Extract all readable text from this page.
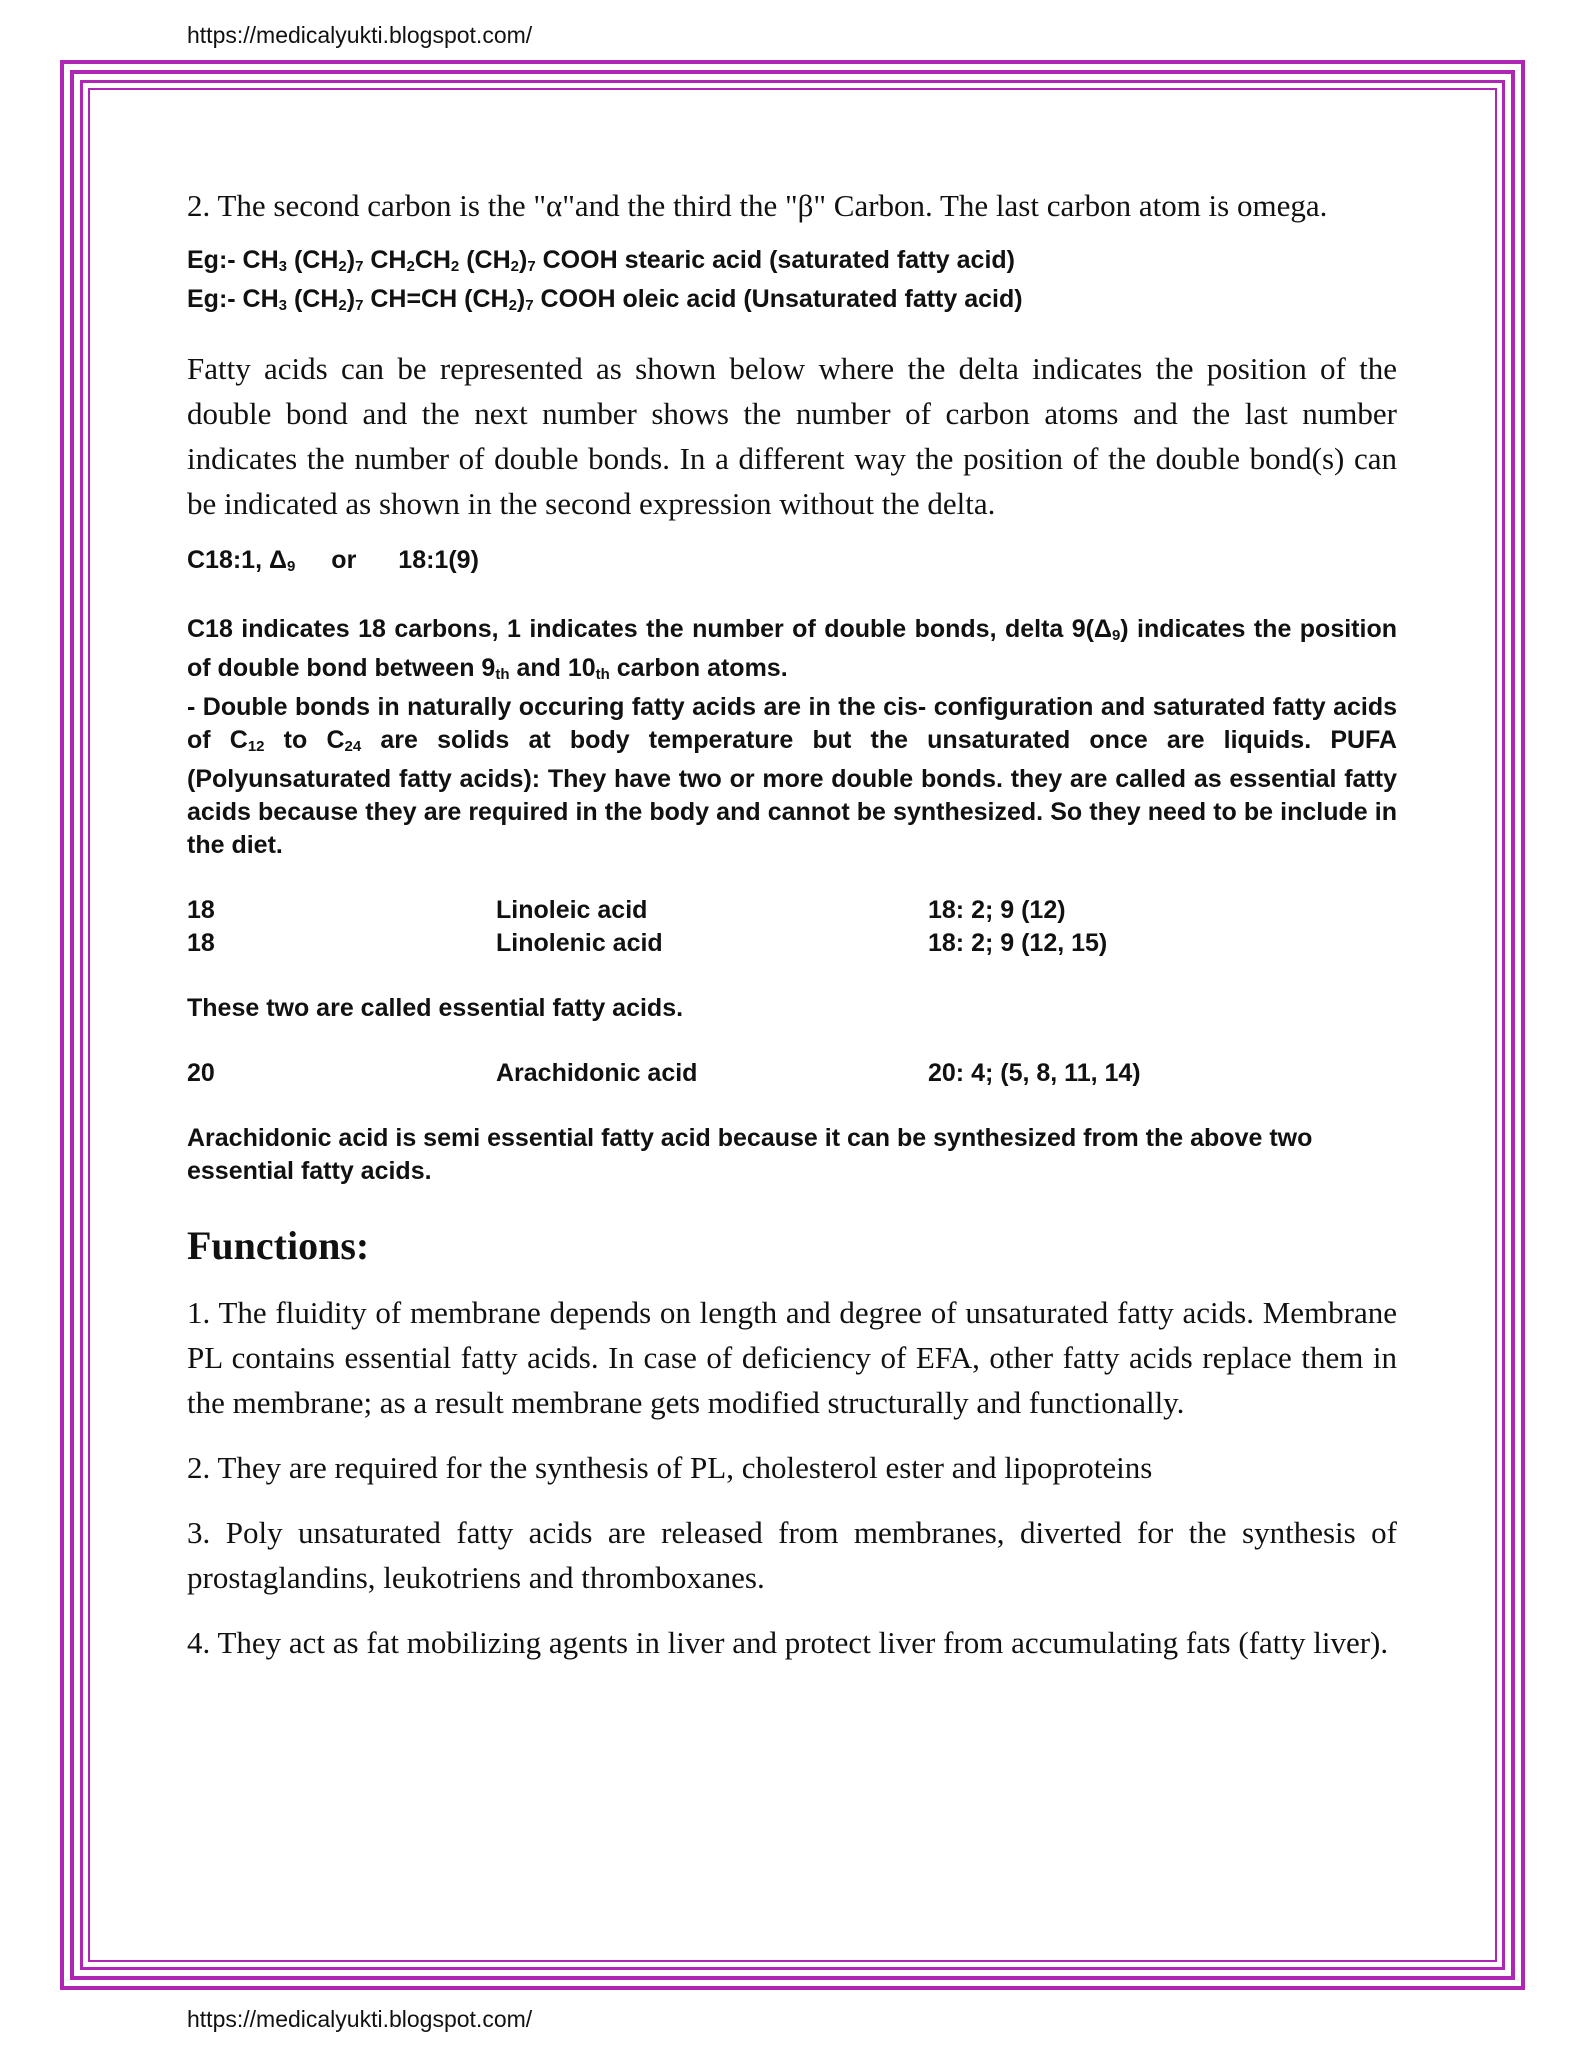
https://medicalyukti.blogspot.com/

2. The second carbon is the "α"and the third the "β" Carbon. The last carbon atom is omega.

Eg:- $CH_3$ $(CH_2)_7$ $CH_2CH_2$ $(CH_2)_7$ COOH stearic acid (saturated fatty acid)
Eg:- $CH_3$ $(CH_2)_7$ CH=CH $(CH_2)_7$ COOH oleic acid (Unsaturated fatty acid)

Fatty acids can be represented as shown below where the delta indicates the position of the double bond and the next number shows the number of carbon atoms and the last number indicates the number of double bonds. In a different way the position of the double bond(s) can be indicated as shown in the second expression without the delta.

C18:1, $\Delta_9$ or 18:1(9)
C18 indicates 18 carbons, 1 indicates the number of double bonds, delta $9(\Delta_9)$ indicates the position of double bond between $9_{th}$ and $10_{th}$ carbon atoms.
- Double bonds in naturally occuring fatty acids are in the cis- configuration and saturated fatty acids of $C_{12}$ to $C_{24}$ are solids at body temperature but the unsaturated once are liquids. PUFA (Polyunsaturated fatty acids): They have two or more double bonds. they are called as essential fatty acids because they are required in the body and cannot be synthesized. So they need to be include in the diet.
18	Linoleic acid	18: 2; 9 (12)
18	Linolenic acid	18: 2; 9 (12, 15)

These two are called essential fatty acids.

20	Arachidonic acid	20: 4; (5, 8, 11, 14)

Arachidonic acid is semi essential fatty acid because it can be synthesized from the above two essential fatty acids.

Functions:

1. The fluidity of membrane depends on length and degree of unsaturated fatty acids. Membrane PL contains essential fatty acids. In case of deficiency of EFA, other fatty acids replace them in the membrane; as a result membrane gets modified structurally and functionally.

2. They are required for the synthesis of PL, cholesterol ester and lipoproteins

3. Poly unsaturated fatty acids are released from membranes, diverted for the synthesis of prostaglandins, leukotriens and thromboxanes.

4. They act as fat mobilizing agents in liver and protect liver from accumulating fats (fatty liver).

https://medicalyukti.blogspot.com/
